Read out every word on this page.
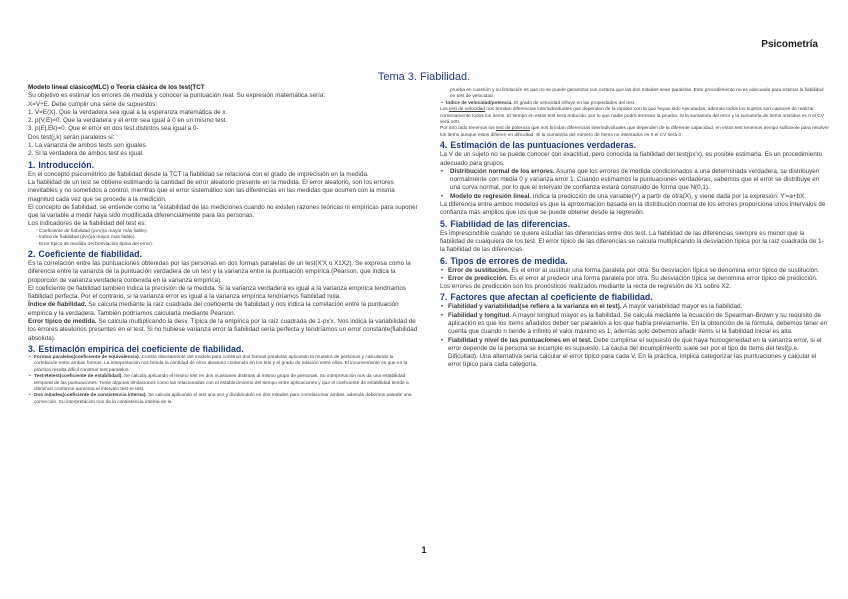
Psicometría
Tema 3. Fiabilidad.
Modelo lineal clásico(MLC) o Teoría clásica de los test(TCT
Su objetivo es estimar los errores de medida y conocer la puntuación real. Su expresión matemática sería:
X=V+E. Debe cumplir una serie de supuestos:
1. V=E(X). Que la verdadera sea igual a la esperanza matemática de x.
2. p(V,E)=0. Que la verdadera y el error sea igual a 0 en un mismo test.
3. p(Ej,Ek)=0. Que el error en dos test distintos sea igual a 0-
Dos test(j,k) serán paralelos si:
1. La varianza de ambos tests son iguales.
2. Si la verdadera de ambos test es igual.
1. Introducción.
En el concepto psicométrico de fiabilidad desde la TCT la fiabilidad se relaciona con el grado de imprecisión en la medida.
La fiabilidad de un test se obtiene estimando la cantidad de error aleatorio presente en la medida. El error aleatorio, son los errores inevitables y no sometidos a control, mientras que el error sistemático son las diferencias en las medidas que ocurren con la misma magnitud cada vez que se procede a la medición.
El concepto de fiabilidad, se entiende como la "estabilidad de las mediciones cuando no existen razones teóricas ni empíricas para suponer que la variable a medir haya sido modificada diferencialmente para las personas.
Los indicadores de la fiabilidad del test es:
- Coeficiente de fiabilidad (ρx'x)(a mayor más fiable).
- Índice de fiabilidad (ρvx)(a mayor más fiable).
- Error típico de medida σe(Desviación típica del error).
2. Coeficiente de fiabilidad.
Es la correlación entre las puntuaciones obtenidas por las personas en dos formas paralelas de un test(X'X o X1X2). Se expresa como la diferencia entre la varianza de la puntuación verdadera de un test y la varianza entre la puntuación empírica.(Pearson, que indica la proporción de varianza verdadera contenida en la varianza empírica).
El coeficiente de fiabilidad también indica la precisión de la medida. Si la varianza verdadera es igual a la varianza empírica tendríamos fiabilidad perfecta. Por el contrario, si la varianza error es igual a la varianza empírica tendríamos fiabilidad nula.
Índice de fiabilidad. Se calcula mediante la raíz cuadrada del coeficiente de fiabilidad y nos indica la correlación entre la puntuación empírica y la verdadera. También podríamos calcularla mediante Pearson.
Error típico de medida. Se calcula multiplicando la desv. Típica de la empírica por la raíz cuadrada de 1-px'x. Nos indica la variabilidad de los errores aleatorios presentes en el test. Si no hubiese varianza error la fiabilidad sería perfecta y tendríamos un error constante(fiabilidad absoluta).
3. Estimación empírica del coeficiente de fiabilidad.
• Formas paralelas(coeficiente de equivalencia). Consta directamente del modelo para construir dos formas paralelas aplicando la muestra de personas y calculando la correlación entre ambas formas. La interpretación nos brinda la cantidad de error aleatorio contenido en los test y el grado de relación entre ellas. El inconveniente es que en la práctica resulta difícil construir test paralelos.
• Test-Retest(coeficiente de estabilidad). Se calcula aplicando el mismo test en dos ocasiones distintas al mismo grupo de personas. Su interpretación nos da una estabilidad temporal de las puntuaciones. Tiene algunas limitaciones como las relacionadas con el establecimiento del tiempo entre aplicaciones y que el coeficiente de estabilidad tiende a disminuir conforme aumenta el intervalo test-re test.
• Dos mitades(coeficiente de consistencia interna). Se calcula aplicando el test una vez y dividiéndolo en dos mitades para correlacionar ambas, además debemos pasarle una corrección. Su interpretación nos da la consistencia interna de la
prueba en cuestión y su limitación es que no se puede garantizar con certeza que las dos mitades sean paralelas. Este procedimiento no es adecuado para estimar la fiabilidad en test de velocidad.
• Índice de velocidad/potencia. El grado de velocidad influye en las propiedades del test.
Los test de velocidad nos brindan diferencias interindividuales que dependen de la rapidez con la que hayan sido ejecutadas, además todos los sujetos son capaces de realizar correctamente todos los ítems. El tiempo en estos test será reducido, por lo que nadie podrá terminar la prueba. Si la sumatoria del error y la sumatoria de ítems omitidos es 0 el CV será 100.
Por otro lado tenemos los test de potencia que nos brindan diferencias interindividuales que dependen de la diferente capacidad, en estos test tenemos tiempo suficiente para resolver los ítems aunque estos difieren en dificultad. Si la sumatoria del número de ítems no intentados es 0 el CV será 0
4. Estimación de las puntuaciones verdaderas.
La V de un sujeto no se puede conocer con exactitud, pero conocida la fiabilidad del test(px'x), es posible estimarla. Es un procedimiento adecuado para grupos.
• Distribución normal de los errores. Asume que los errores de medida condicionados a una determinada verdadera, se distribuyen normalmente con media 0 y varianza error 1. Cuando estimamos la puntuaciones verdaderas, sabemos que el error se distribuye en una curva normal, por lo que el intervalo de confianza estará construido de forma que N(0,1).
• Modelo de regresión lineal. Indica la predicción de una variable(Y) a partir de otra(X), y viene dada por la expresión: Y'=a+bX.
La diferencia entre ambos modelos es que la aproximación basada en la distribución normal de los errores proporciona unos intervalos de confianza más amplios que los que se puede obtener desde la regresión.
5. Fiabilidad de las diferencias.
Es imprescindible cuando se quiere estudiar las diferencias entre dos test. La fiabilidad de las diferencias siempre es menor que la fiabilidad de cualquiera de los test. El error típico de las diferencias se calcula multiplicando la desviación típica por la raíz cuadrada de 1- la fiabilidad de las diferencias.
6. Tipos de errores de medida.
• Error de sustitución. Es el error al sustituir una forma paralela por otra. Su desviación típica se denomina error típico de sustitución.
• Error de predicción. Es el error al predecir una forma paralela por otra. Su desviación típica se denomina error típico de predicción.
Los errores de predicción son los pronósticos realizados mediante la recta de regresión de X1 sobre X2.
7. Factores que afectan al coeficiente de fiabilidad.
• Fiabilidad y variabilidad(se refiere a la varianza en el test). A mayor variabilidad mayor es la fiabilidad.
• Fiabilidad y longitud. A mayor longitud mayor es la fiabilidad. Se calcula mediante la ecuación de Spearman-Brown y su requisito de aplicación es que los ítems añadidos deber ser paralelos a los que había previamente. En la obtención de la fórmula, debemos tener en cuenta que cuando n tiende a infinito el valor máximo es 1, además solo debemos añadir ítems si la fiabilidad inicial es alta.
• Fiabilidad y nivel de las puntuaciones en el test. Debe cumplirse el supuesto de que haya homogeneidad en la varianza error, si el error depende de la persona se incumple es supuesto. La causa del incumplimiento suele ser por el tipo de ítems del test(p.e. Dificultad). Una alternativa sería calcular el error típico para cada V. En la práctica, implica categorizar las puntuaciones y calcular el error típico para cada categoría.
1
